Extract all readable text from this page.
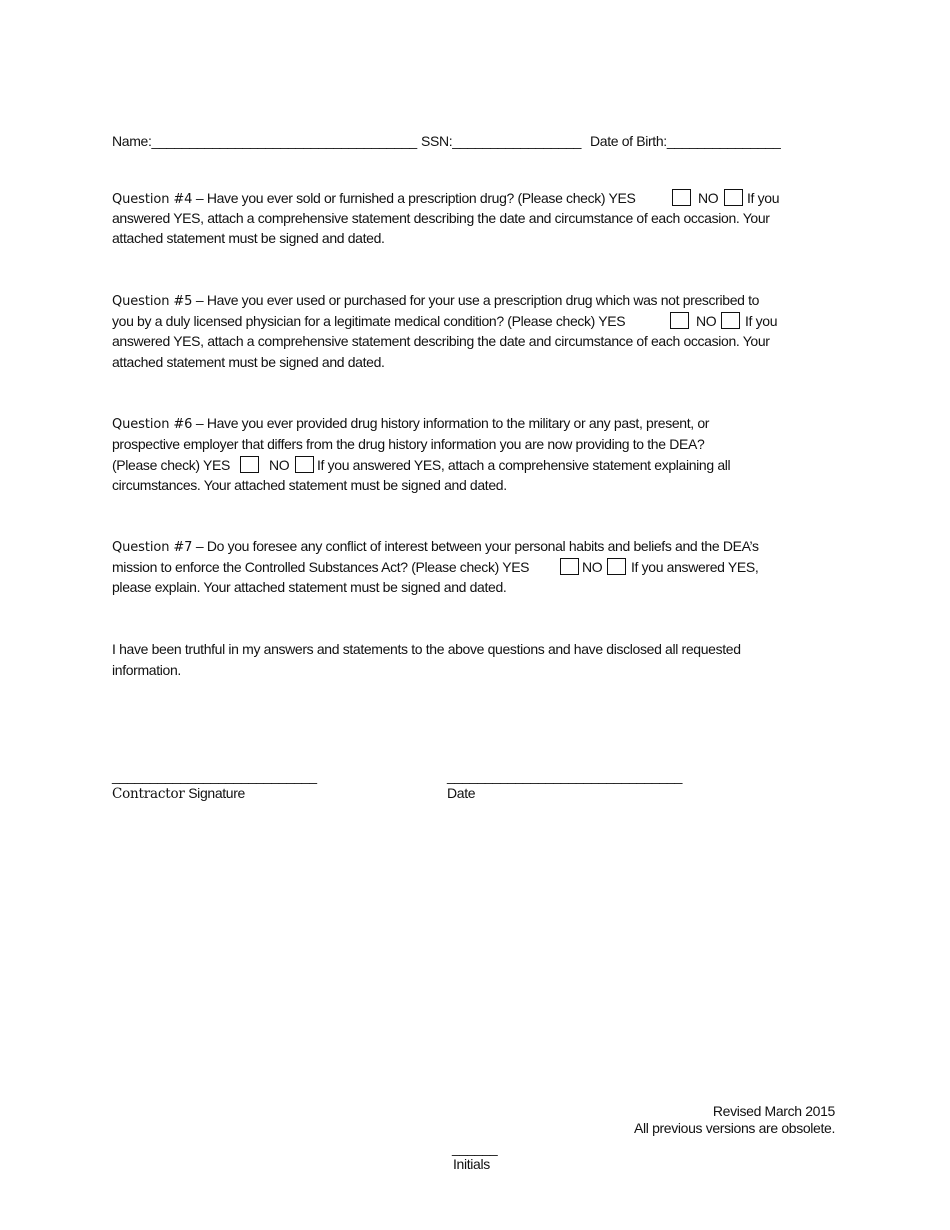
Name:___________________________________ SSN:_________________ Date of Birth:_______________
Question #4 – Have you ever sold or furnished a prescription drug? (Please check) YES	NO If you
answered YES, attach a comprehensive statement describing the date and circumstance of each occasion. Your
attached statement must be signed and dated.
Question #5 – Have you ever used or purchased for your use a prescription drug which was not prescribed to
you by a duly licensed physician for a legitimate medical condition? (Please check) YES	NO If you
answered YES, attach a comprehensive statement describing the date and circumstance of each occasion. Your
attached statement must be signed and dated.
Question #6 – Have you ever provided drug history information to the military or any past, present, or
prospective employer that differs from the drug history information you are now providing to the DEA?
(Please check) YES	NO If you answered YES, attach a comprehensive statement explaining all
circumstances. Your attached statement must be signed and dated.
Question #7 – Do you foresee any conflict of interest between your personal habits and beliefs and the DEA’s
mission to enforce the Controlled Substances Act? (Please check) YES	NO If you answered YES,
please explain. Your attached statement must be signed and dated.
I have been truthful in my answers and statements to the above questions and have disclosed all requested
information.
___________________________	_______________________________
Contractor Signature	Date
Revised March 2015
All previous versions are obsolete.
______
Initials
